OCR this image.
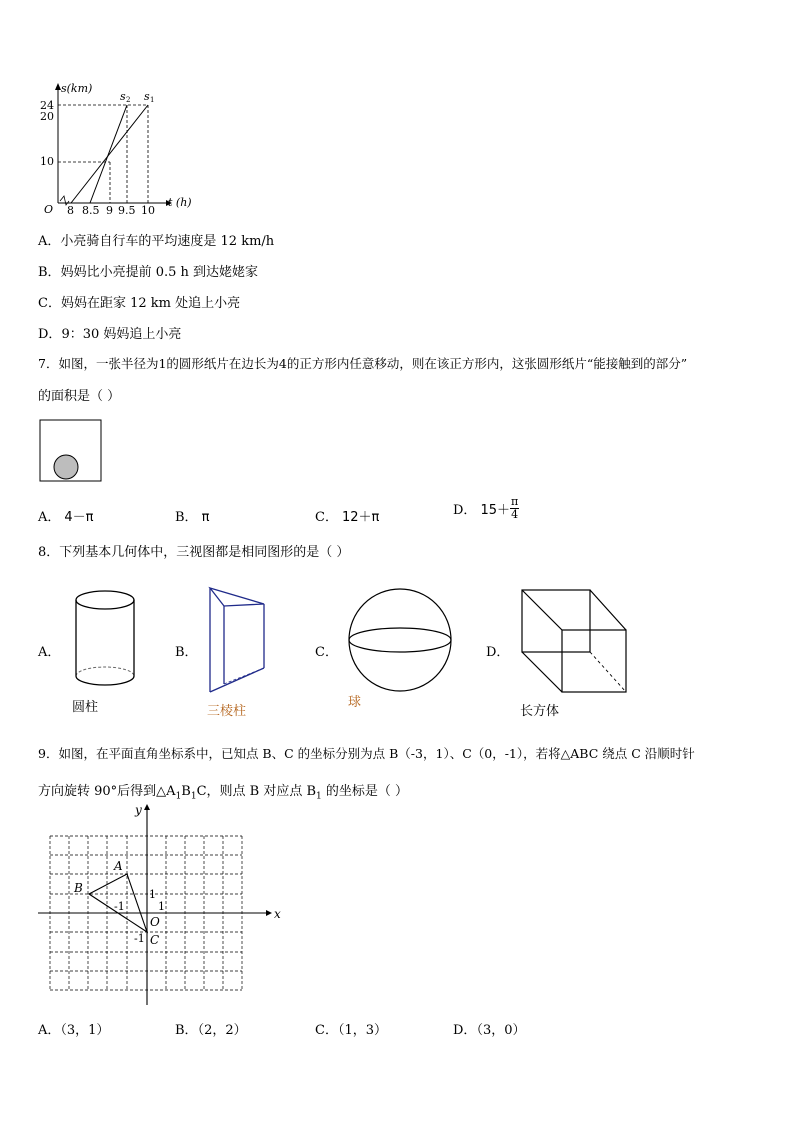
s(km)
t (h)
O
24
20
10
8 8.5 9 9.5 10
s 2 s 1
A．小亮骑自行车的平均速度是 12 km/h
B．妈妈比小亮提前 0.5 h 到达姥姥家
C．妈妈在距家 12 km 处追上小亮
D．9：30 妈妈追上小亮
7．如图，一张半径为1的圆形纸片在边长为4的正方形内任意移动，则在该正方形内，这张圆形纸片“能接触到的部分”
的面积是（ ）
A． 4－π	B． π	C． 12＋π	D． $15+ \frac{\pi}{4}$
8．下列基本几何体中，三视图都是相同图形的是（ ）
A．	B．	C．	D．
圆柱	三棱柱
球
长方体
9．如图，在平面直角坐标系中，已知点 B、C 的坐标分别为点 B（-3，1）、C（0，-1），若将△ABC 绕点 C 沿顺时针
方向旋转 90°后得到$\triangle A_1B_1C$，则点 B 对应点 $B_1$ 的坐标是（ ）
x
y
O
A
B
C
1
1
-1
-1
A．（3，1）	B．（2，2）	C．（1，3）	D．（3，0）
